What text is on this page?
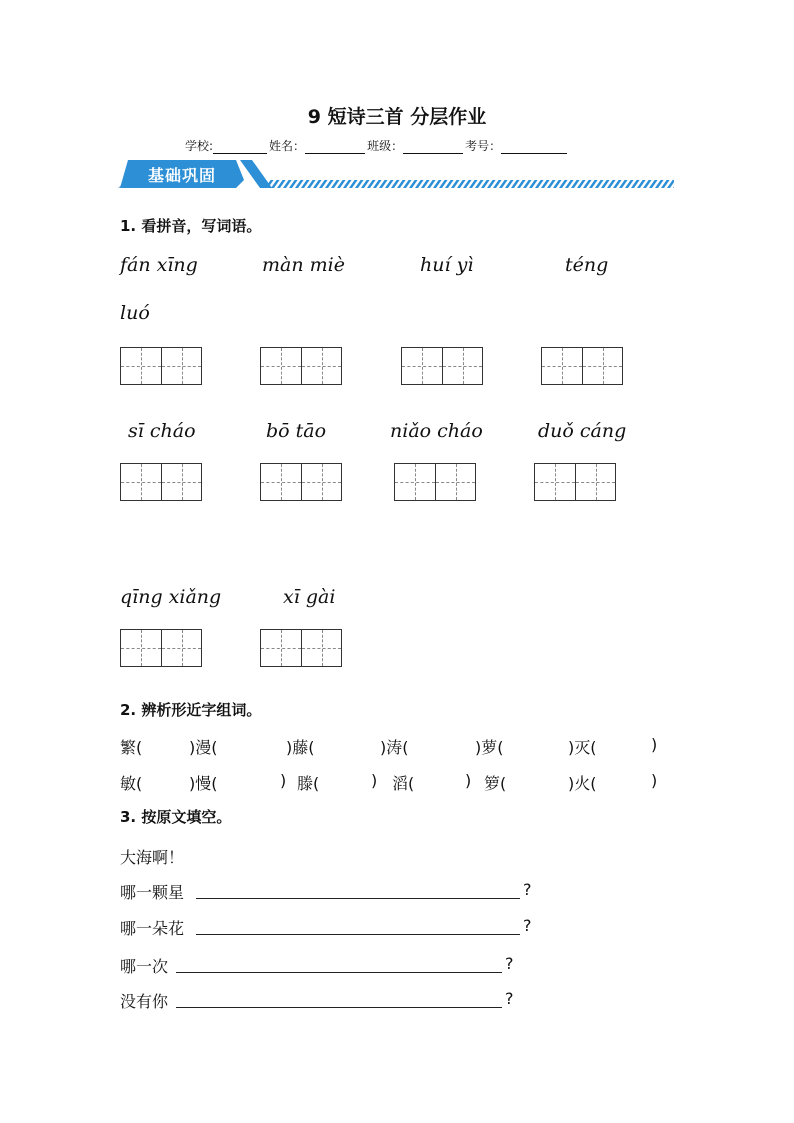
9 短诗三首 分层作业
学校:	姓名：	班级：	考号：
基础巩固
1. 看拼音，写词语。
fán xīng	màn miè	huí yì	téng
luó
sī cháo	bō tāo	niǎo cháo	duǒ cáng
qīng xiǎng	xī gài
2. 辨析形近字组词。
繁(	)漫(	)藤(	)涛(	)萝(	)灭(	)
敏(	)慢(	) 滕(	) 滔(	) 箩(	)火(	)
3. 按原文填空。
大海啊！
哪一颗星	?
哪一朵花	?
哪一次	?
没有你	?
